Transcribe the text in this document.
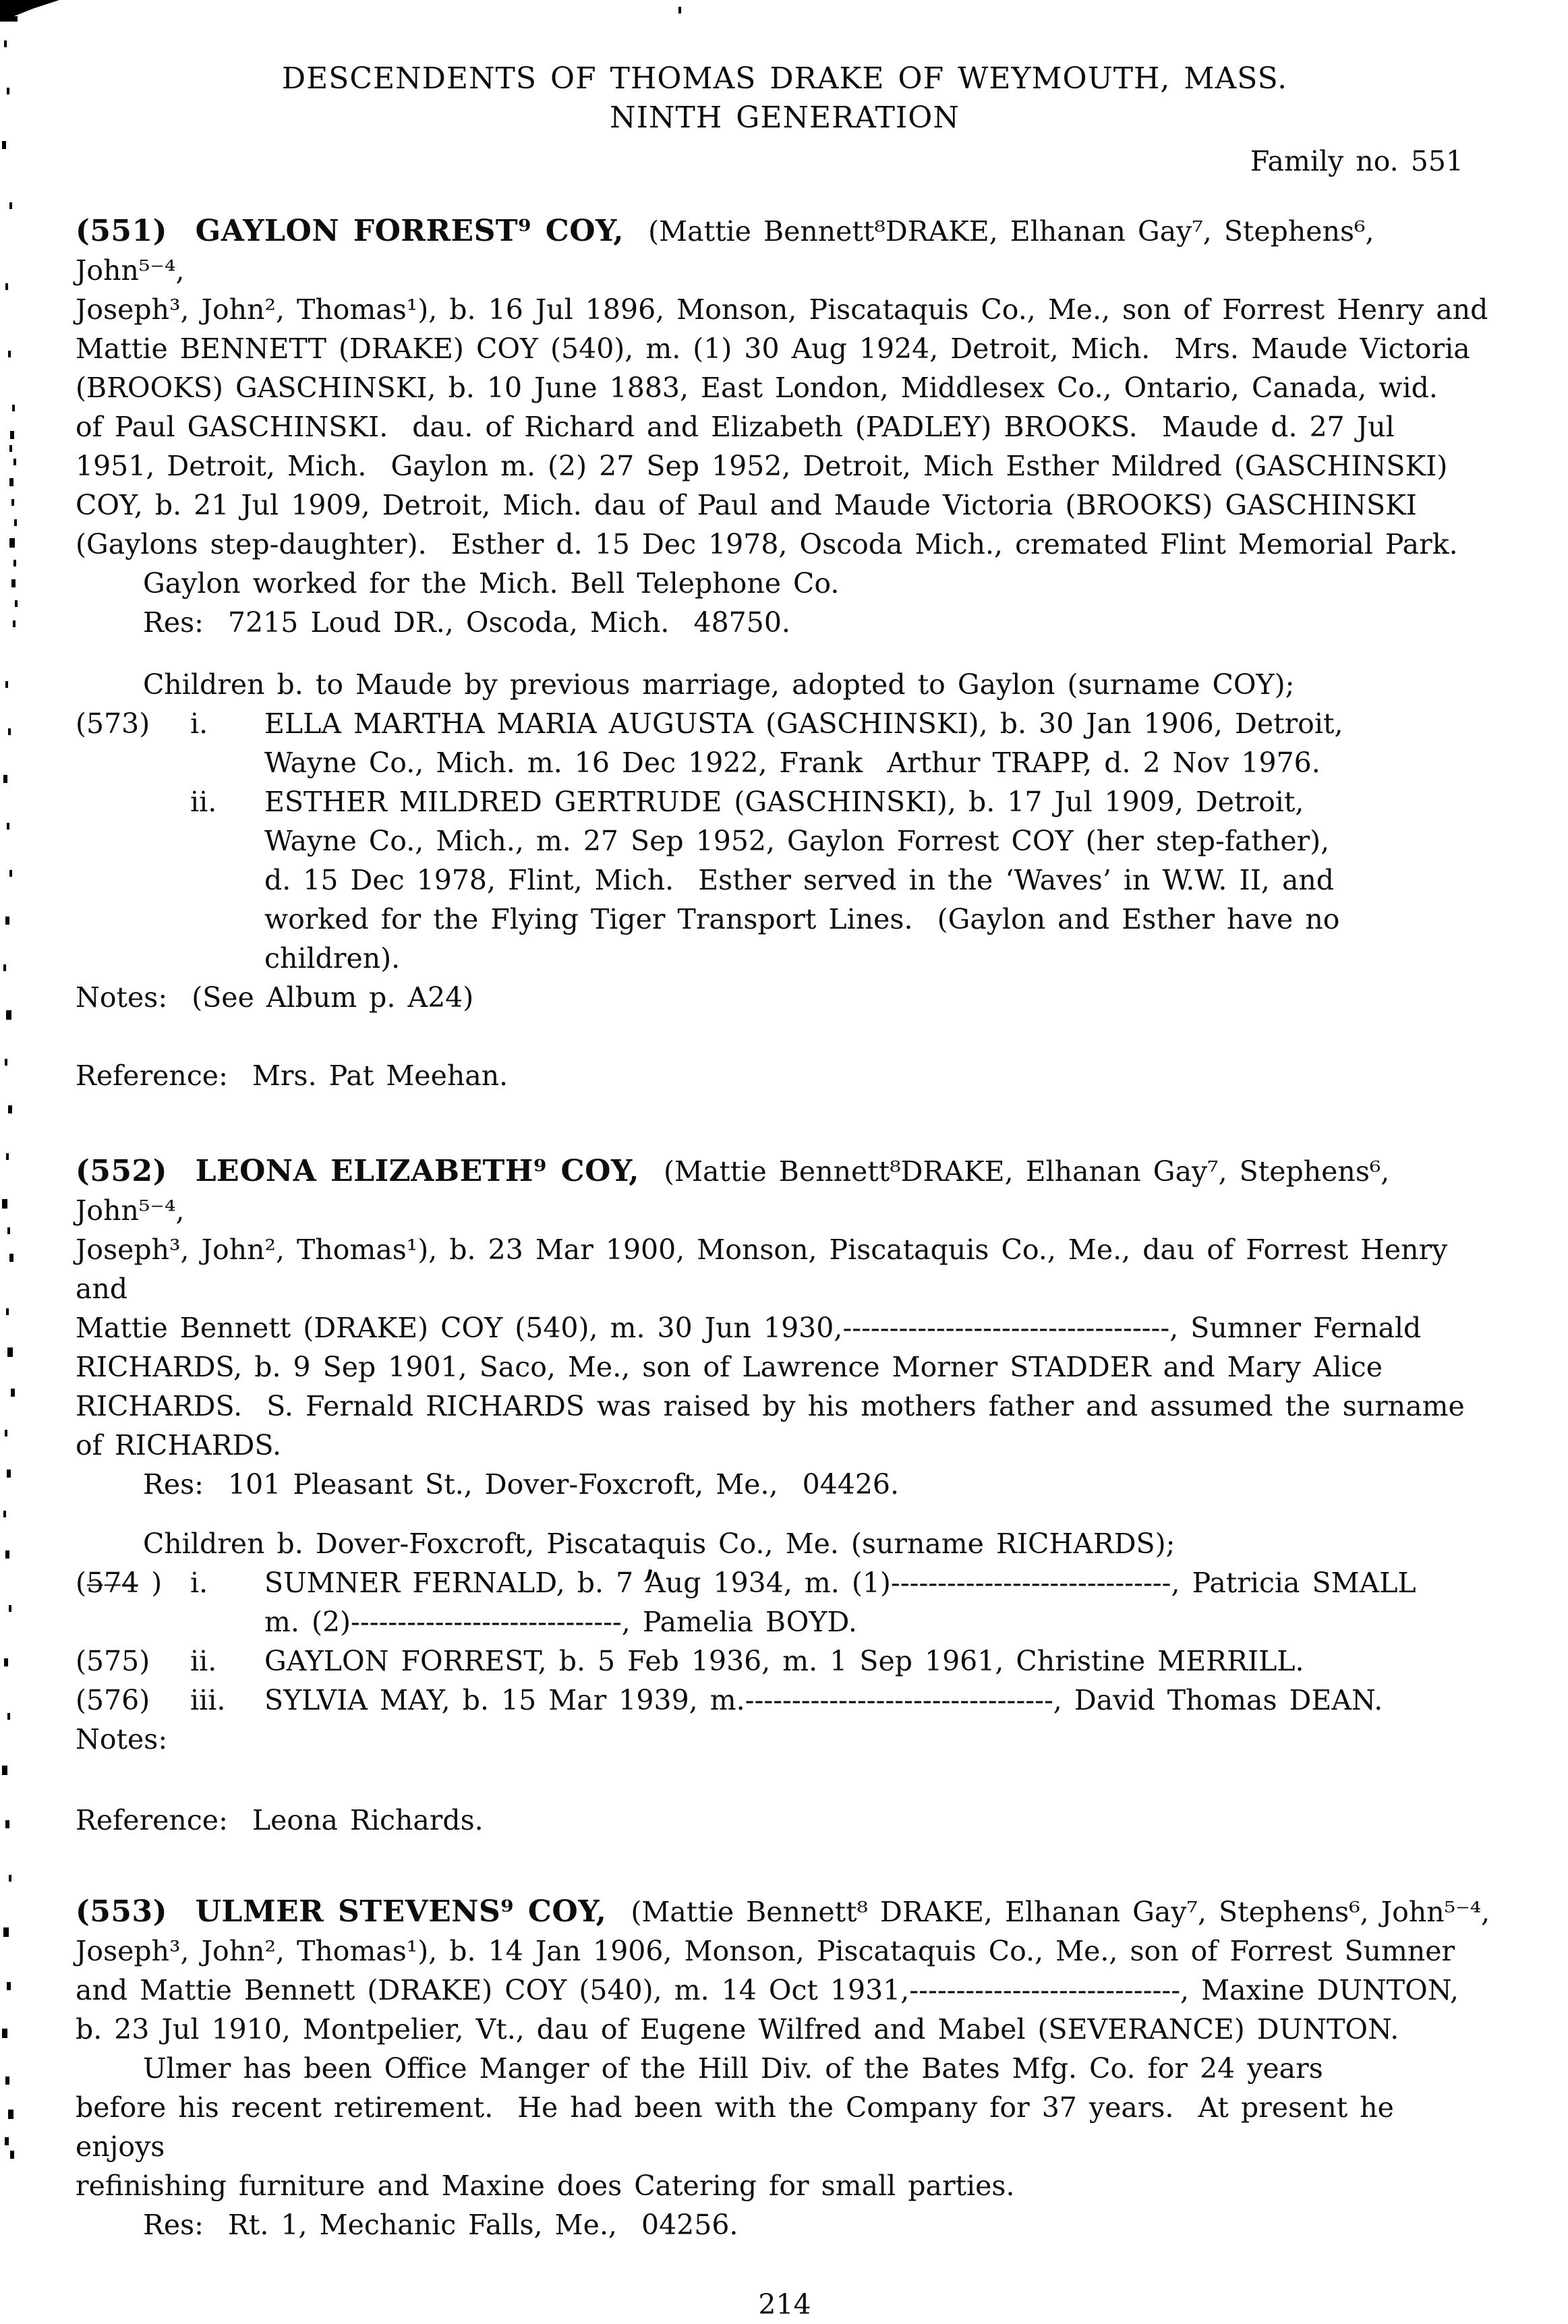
DESCENDENTS OF THOMAS DRAKE OF WEYMOUTH, MASS.
NINTH GENERATION
Family no. 551
(551)  GAYLON FORREST⁹ COY,  (Mattie Bennett⁸DRAKE, Elhanan Gay⁷, Stephens⁶, John⁵⁻⁴,
Joseph³, John², Thomas¹), b. 16 Jul 1896, Monson, Piscataquis Co., Me., son of Forrest Henry and
Mattie BENNETT (DRAKE) COY (540), m. (1) 30 Aug 1924, Detroit, Mich.  Mrs. Maude Victoria
(BROOKS) GASCHINSKI, b. 10 June 1883, East London, Middlesex Co., Ontario, Canada, wid.
of Paul GASCHINSKI.  dau. of Richard and Elizabeth (PADLEY) BROOKS.  Maude d. 27 Jul
1951, Detroit, Mich.  Gaylon m. (2) 27 Sep 1952, Detroit, Mich Esther Mildred (GASCHINSKI)
COY, b. 21 Jul 1909, Detroit, Mich. dau of Paul and Maude Victoria (BROOKS) GASCHINSKI
(Gaylons step-daughter).  Esther d. 15 Dec 1978, Oscoda Mich., cremated Flint Memorial Park.
Gaylon worked for the Mich. Bell Telephone Co.
Res:  7215 Loud DR., Oscoda, Mich.  48750.
Children b. to Maude by previous marriage, adopted to Gaylon (surname COY);
(573)	i.	ELLA MARTHA MARIA AUGUSTA (GASCHINSKI), b. 30 Jan 1906, Detroit,
Wayne Co., Mich. m. 16 Dec 1922, Frank  Arthur TRAPP, d. 2 Nov 1976.
ii.	ESTHER MILDRED GERTRUDE (GASCHINSKI), b. 17 Jul 1909, Detroit,
Wayne Co., Mich., m. 27 Sep 1952, Gaylon Forrest COY (her step-father),
d. 15 Dec 1978, Flint, Mich.  Esther served in the ‘Waves’ in W.W. II, and
worked for the Flying Tiger Transport Lines.  (Gaylon and Esther have no
children).
Notes:  (See Album p. A24)
Reference:  Mrs. Pat Meehan.
(552)  LEONA ELIZABETH⁹ COY,  (Mattie Bennett⁸DRAKE, Elhanan Gay⁷, Stephens⁶, John⁵⁻⁴,
Joseph³, John², Thomas¹), b. 23 Mar 1900, Monson, Piscataquis Co., Me., dau of Forrest Henry and
Mattie Bennett (DRAKE) COY (540), m. 30 Jun 1930,-----------------------------------, Sumner Fernald
RICHARDS, b. 9 Sep 1901, Saco, Me., son of Lawrence Morner STADDER and Mary Alice
RICHARDS.  S. Fernald RICHARDS was raised by his mothers father and assumed the surname
of RICHARDS.
Res:  101 Pleasant St., Dover-Foxcroft, Me.,  04426.
Children b. Dover-Foxcroft, Piscataquis Co., Me. (surname RICHARDS);
(5̶7̶4̶ )	i.	SUMNER FERNALD, b. 7 Aug 1934, m. (1)------------------------------, Patricia SMALL
m. (2)-----------------------------, Pamelia BOYD.
(575)	ii.	GAYLON FORREST, b. 5 Feb 1936, m. 1 Sep 1961, Christine MERRILL.
(576)	iii.	SYLVIA MAY, b. 15 Mar 1939, m.---------------------------------, David Thomas DEAN.
Notes:
Reference:  Leona Richards.
(553)  ULMER STEVENS⁹ COY,  (Mattie Bennett⁸ DRAKE, Elhanan Gay⁷, Stephens⁶, John⁵⁻⁴,
Joseph³, John², Thomas¹), b. 14 Jan 1906, Monson, Piscataquis Co., Me., son of Forrest Sumner
and Mattie Bennett (DRAKE) COY (540), m. 14 Oct 1931,-----------------------------, Maxine DUNTON,
b. 23 Jul 1910, Montpelier, Vt., dau of Eugene Wilfred and Mabel (SEVERANCE) DUNTON.
Ulmer has been Office Manger of the Hill Div. of the Bates Mfg. Co. for 24 years
before his recent retirement.  He had been with the Company for 37 years.  At present he enjoys
refinishing furniture and Maxine does Catering for small parties.
Res:  Rt. 1, Mechanic Falls, Me.,  04256.
214
